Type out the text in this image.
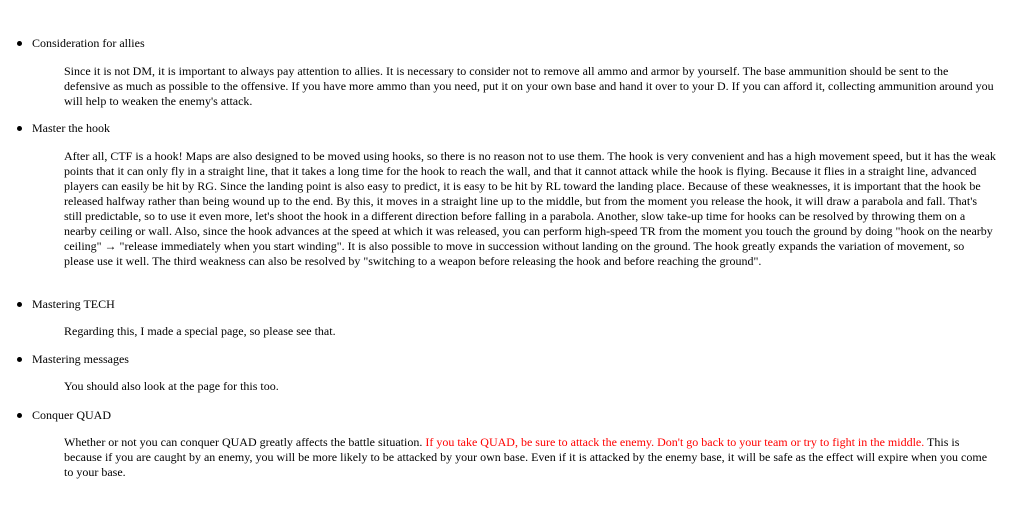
Consideration for allies

Since it is not DM, it is important to always pay attention to allies. It is necessary to consider not to remove all ammo and armor by yourself. The base ammunition should be sent to the defensive as much as possible to the offensive. If you have more ammo than you need, put it on your own base and hand it over to your D. If you can afford it, collecting ammunition around you will help to weaken the enemy's attack.

Master the hook

After all, CTF is a hook! Maps are also designed to be moved using hooks, so there is no reason not to use them. The hook is very convenient and has a high movement speed, but it has the weak points that it can only fly in a straight line, that it takes a long time for the hook to reach the wall, and that it cannot attack while the hook is flying. Because it flies in a straight line, advanced players can easily be hit by RG. Since the landing point is also easy to predict, it is easy to be hit by RL toward the landing place. Because of these weaknesses, it is important that the hook be released halfway rather than being wound up to the end. By this, it moves in a straight line up to the middle, but from the moment you release the hook, it will draw a parabola and fall. That's still predictable, so to use it even more, let's shoot the hook in a different direction before falling in a parabola. Another, slow take-up time for hooks can be resolved by throwing them on a nearby ceiling or wall. Also, since the hook advances at the speed at which it was released, you can perform high-speed TR from the moment you touch the ground by doing "hook on the nearby ceiling" → "release immediately when you start winding". It is also possible to move in succession without landing on the ground. The hook greatly expands the variation of movement, so please use it well. The third weakness can also be resolved by "switching to a weapon before releasing the hook and before reaching the ground".

Mastering TECH

Regarding this, I made a special page, so please see that.

Mastering messages

You should also look at the page for this too.

Conquer QUAD

Whether or not you can conquer QUAD greatly affects the battle situation. If you take QUAD, be sure to attack the enemy. Don't go back to your team or try to fight in the middle. This is because if you are caught by an enemy, you will be more likely to be attacked by your own base. Even if it is attacked by the enemy base, it will be safe as the effect will expire when you come to your base.
